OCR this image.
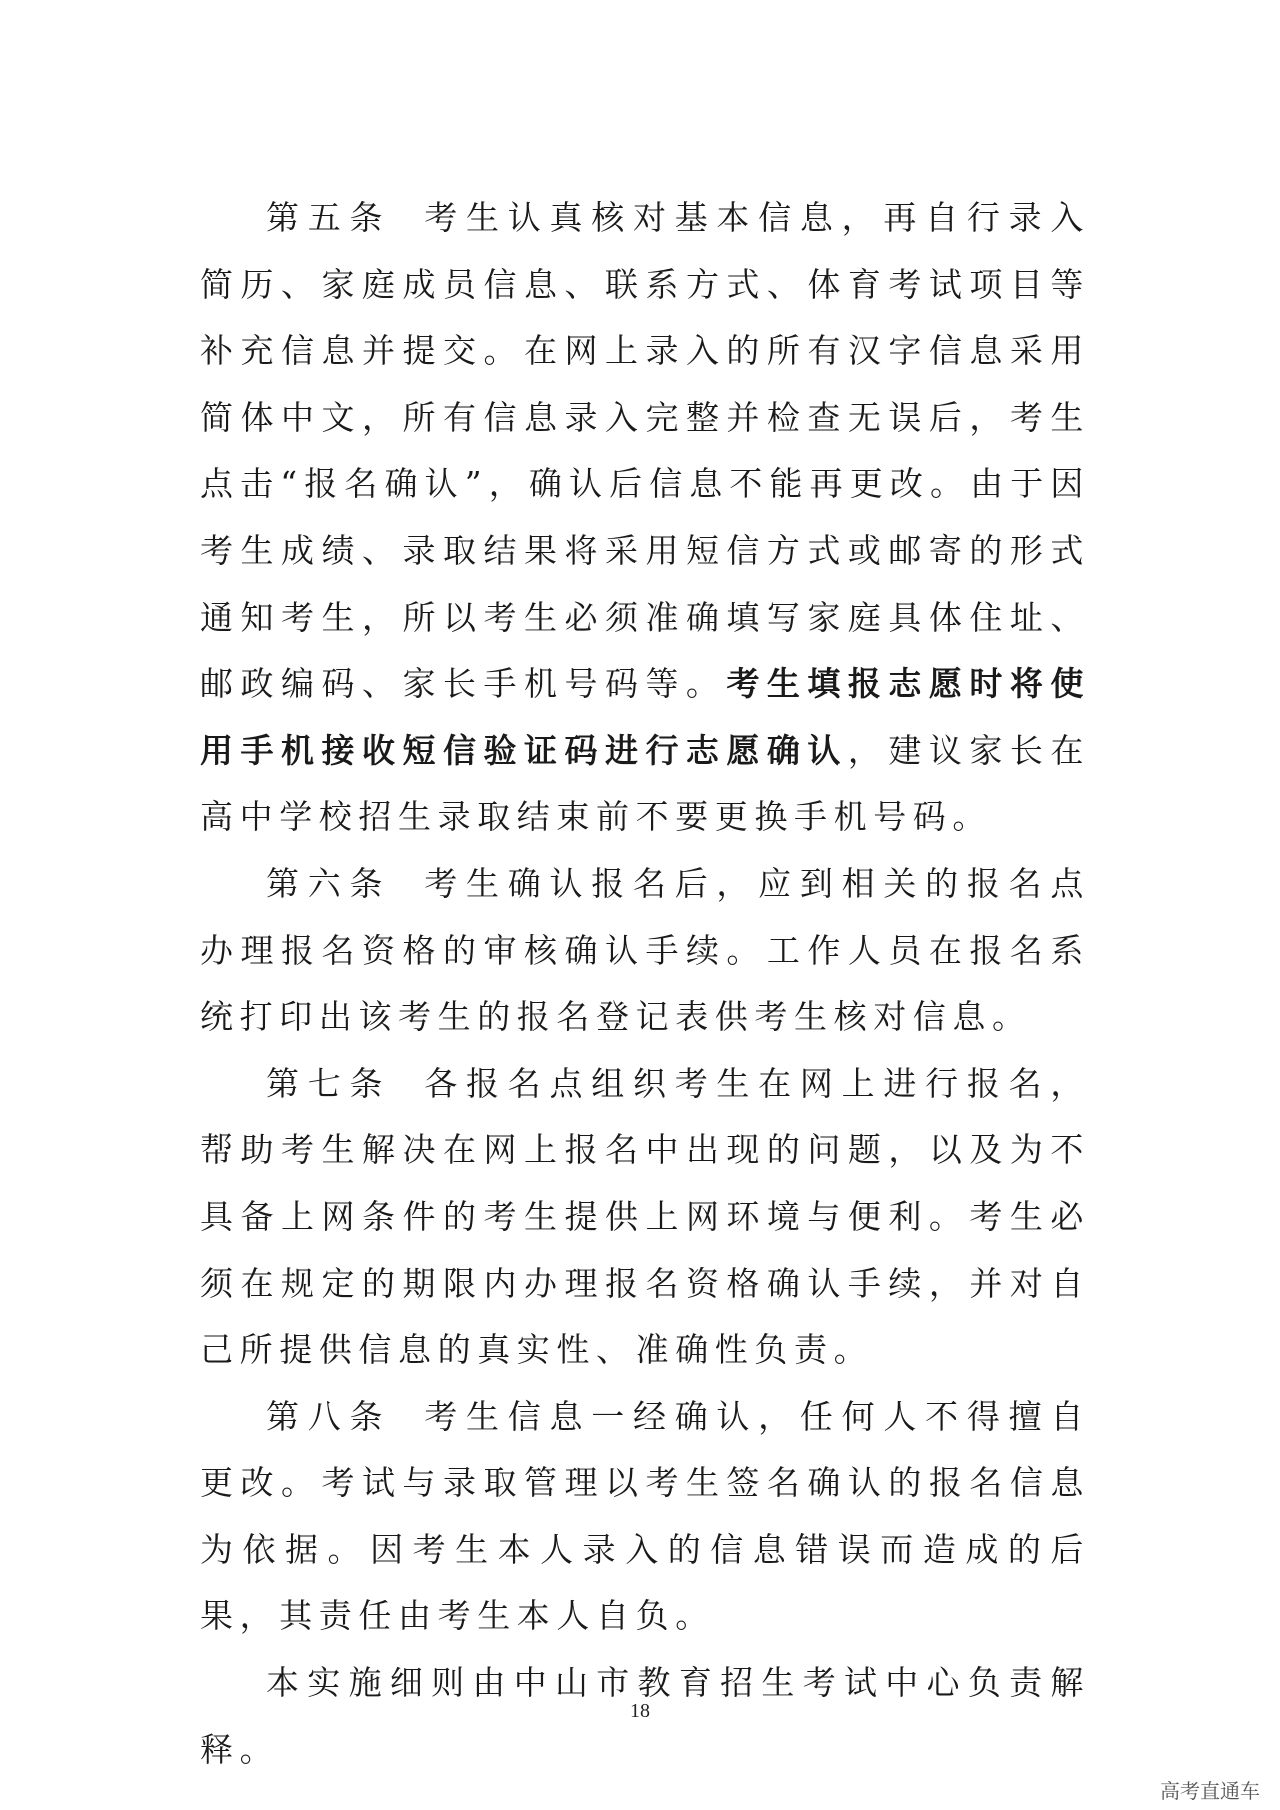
第五条 考生认真核对基本信息，再自行录入简历、家庭成员信息、联系方式、体育考试项目等补充信息并提交。在网上录入的所有汉字信息采用简体中文，所有信息录入完整并检查无误后，考生点击“报名确认”，确认后信息不能再更改。由于因考生成绩、录取结果将采用短信方式或邮寄的形式通知考生，所以考生必须准确填写家庭具体住址、邮政编码、家长手机号码等。考生填报志愿时将使用手机接收短信验证码进行志愿确认，建议家长在高中学校招生录取结束前不要更换手机号码。

第六条 考生确认报名后，应到相关的报名点办理报名资格的审核确认手续。工作人员在报名系统打印出该考生的报名登记表供考生核对信息。

第七条 各报名点组织考生在网上进行报名，帮助考生解决在网上报名中出现的问题，以及为不具备上网条件的考生提供上网环境与便利。考生必须在规定的期限内办理报名资格确认手续，并对自己所提供信息的真实性、准确性负责。

第八条 考生信息一经确认，任何人不得擅自更改。考试与录取管理以考生签名确认的报名信息为依据。因考生本人录入的信息错误而造成的后果，其责任由考生本人自负。

本实施细则由中山市教育招生考试中心负责解释。

18
高考直通车
